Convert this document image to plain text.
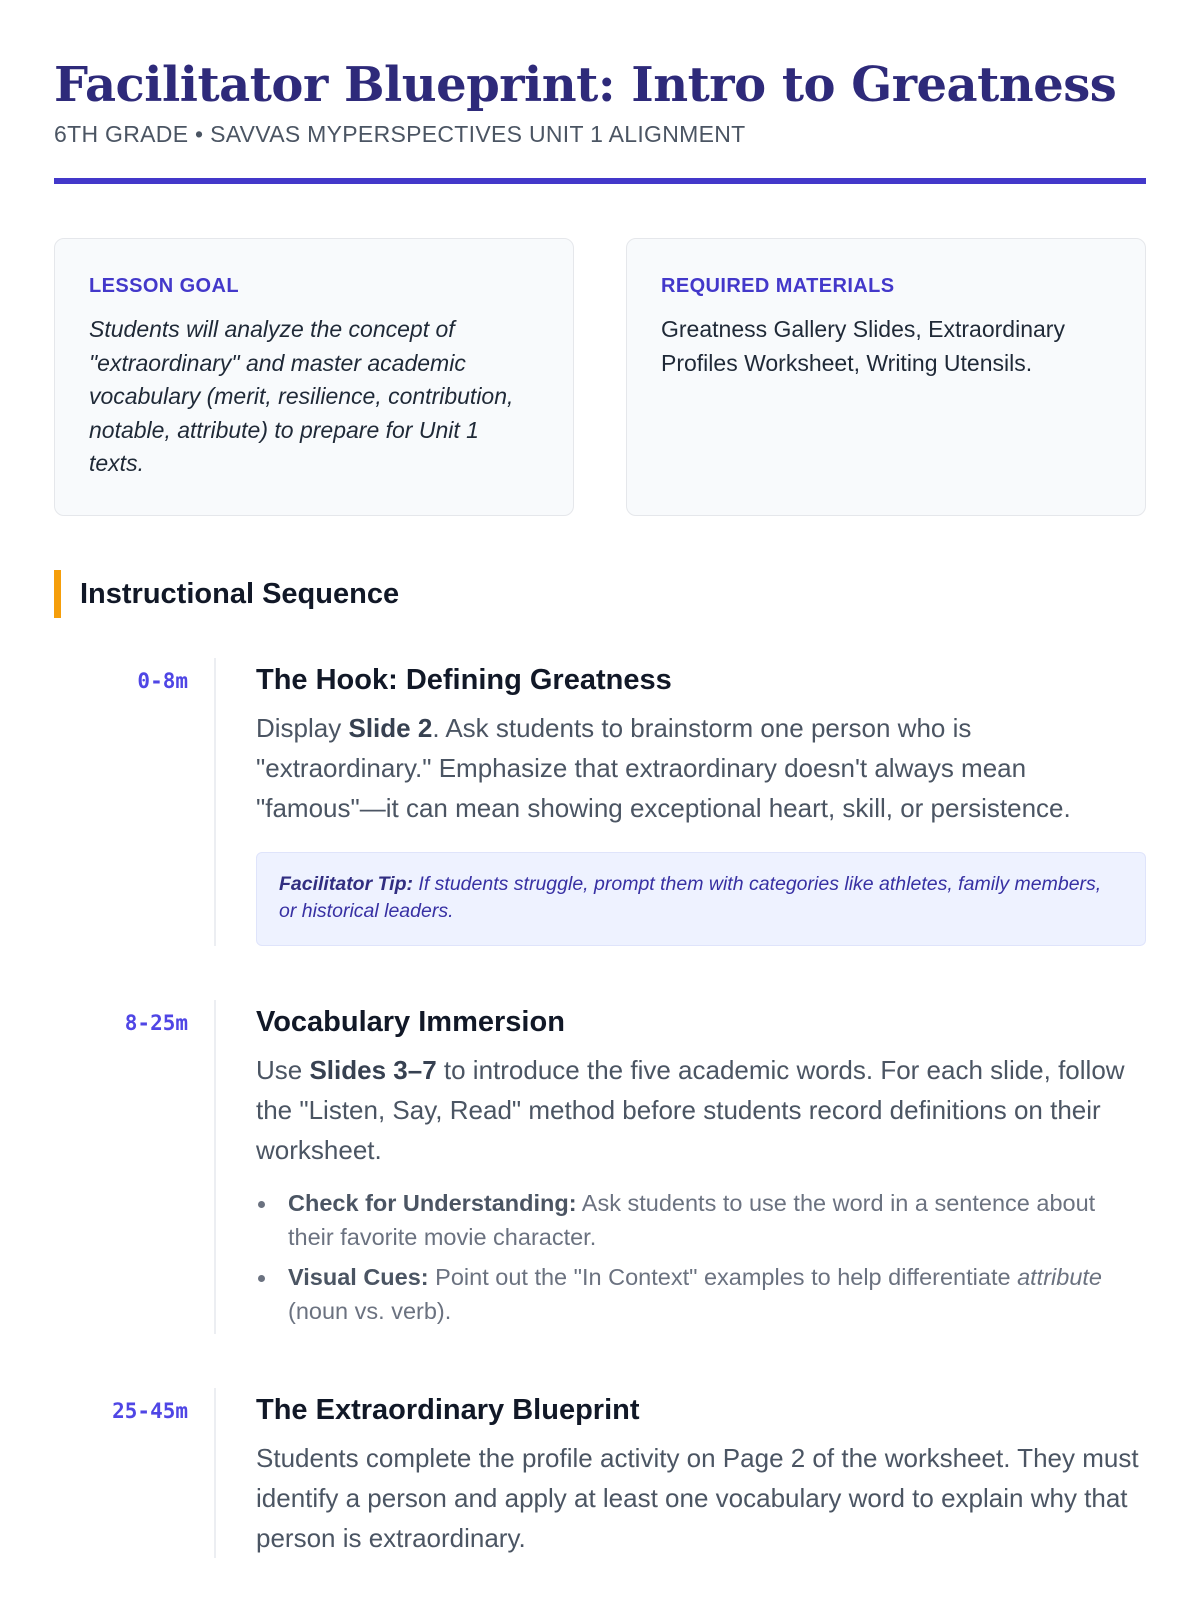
Facilitator Blueprint: Intro to Greatness
6TH GRADE • SAVVAS MYPERSPECTIVES UNIT 1 ALIGNMENT
LESSON GOAL
Students will analyze the concept of "extraordinary" and master academic vocabulary (merit, resilience, contribution, notable, attribute) to prepare for Unit 1 texts.
REQUIRED MATERIALS
Greatness Gallery Slides, Extraordinary Profiles Worksheet, Writing Utensils.
Instructional Sequence
0-8m The Hook: Defining Greatness
Display Slide 2. Ask students to brainstorm one person who is "extraordinary." Emphasize that extraordinary doesn't always mean "famous"—it can mean showing exceptional heart, skill, or persistence.
Facilitator Tip: If students struggle, prompt them with categories like athletes, family members, or historical leaders.
8-25m Vocabulary Immersion
Use Slides 3–7 to introduce the five academic words. For each slide, follow the "Listen, Say, Read" method before students record definitions on their worksheet.
Check for Understanding: Ask students to use the word in a sentence about their favorite movie character.
Visual Cues: Point out the "In Context" examples to help differentiate attribute (noun vs. verb).
25-45m The Extraordinary Blueprint
Students complete the profile activity on Page 2 of the worksheet. They must identify a person and apply at least one vocabulary word to explain why that person is extraordinary.
